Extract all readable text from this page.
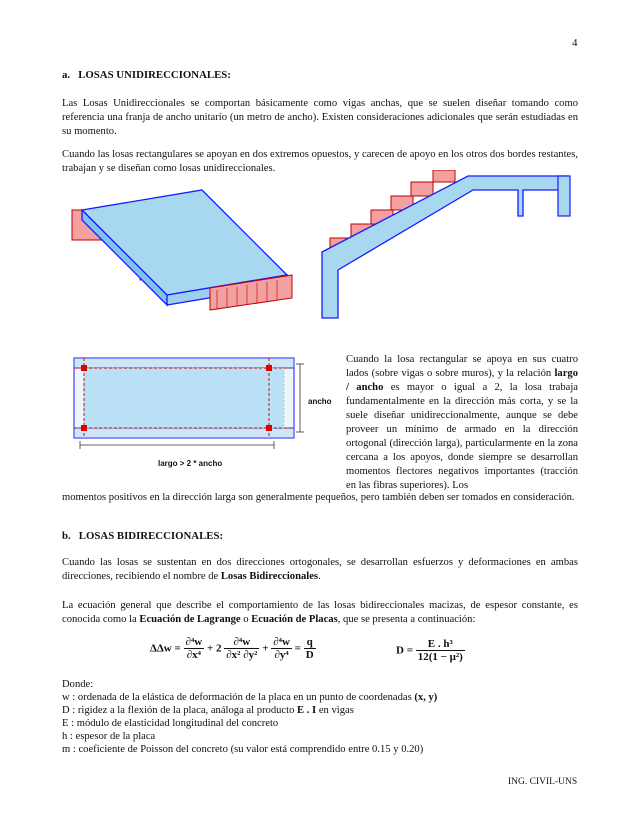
4
a.   LOSAS UNIDIRECCIONALES:
Las Losas Unidireccionales se comportan básicamente como vigas anchas, que se suelen diseñar tomando como referencia una franja de ancho unitario (un metro de ancho). Existen consideraciones adicionales que serán estudiadas en su momento.
Cuando las losas rectangulares se apoyan en dos extremos opuestos, y carecen de apoyo en los otros dos bordes restantes, trabajan y se diseñan como losas unidireccionales.
ancho
largo > 2 * ancho
Cuando la losa rectangular se apoya en sus cuatro lados (sobre vigas o sobre muros), y la relación largo / ancho es mayor o igual a 2, la losa trabaja fundamentalmente en la dirección más corta, y se la suele diseñar unidireccionalmente, aunque se debe proveer un mínimo de armado en la dirección ortogonal (dirección larga), particularmente en la zona cercana a los apoyos, donde siempre se desarrollan momentos flectores negativos importantes (tracción en las fibras superiores). Los
momentos positivos en la dirección larga son generalmente pequeños, pero también deben ser tomados en consideración.
b.   LOSAS BIDIRECCIONALES:
Cuando las losas se sustentan en dos direcciones ortogonales, se desarrollan esfuerzos y deformaciones en ambas direcciones, recibiendo el nombre de Losas Bidireccionales.
La ecuación general que describe el comportamiento de las losas bidireccionales macizas, de espesor constante, es conocida como la Ecuación de Lagrange o Ecuación de Placas, que se presenta a continuación:
$\Delta\Delta w = \frac{\text{∂⁴w}}{\text{∂x⁴}} + 2 \frac{\text{∂⁴w}}{\text{∂x² ∂y²}} + \frac{\text{∂⁴w}}{\text{∂y⁴}} = \frac{q}{D}$	$D = \frac{\text{E . h³}}{\text{12(1 − μ²)}}$
Donde:
w : ordenada de la elástica de deformación de la placa en un punto de coordenadas (x, y)
D : rigidez a la flexión de la placa, análoga al producto E . I en vigas
E : módulo de elasticidad longitudinal del concreto
h : espesor de la placa
m : coeficiente de Poisson del concreto (su valor está comprendido entre 0.15 y 0.20)
ING. CIVIL-UNS
